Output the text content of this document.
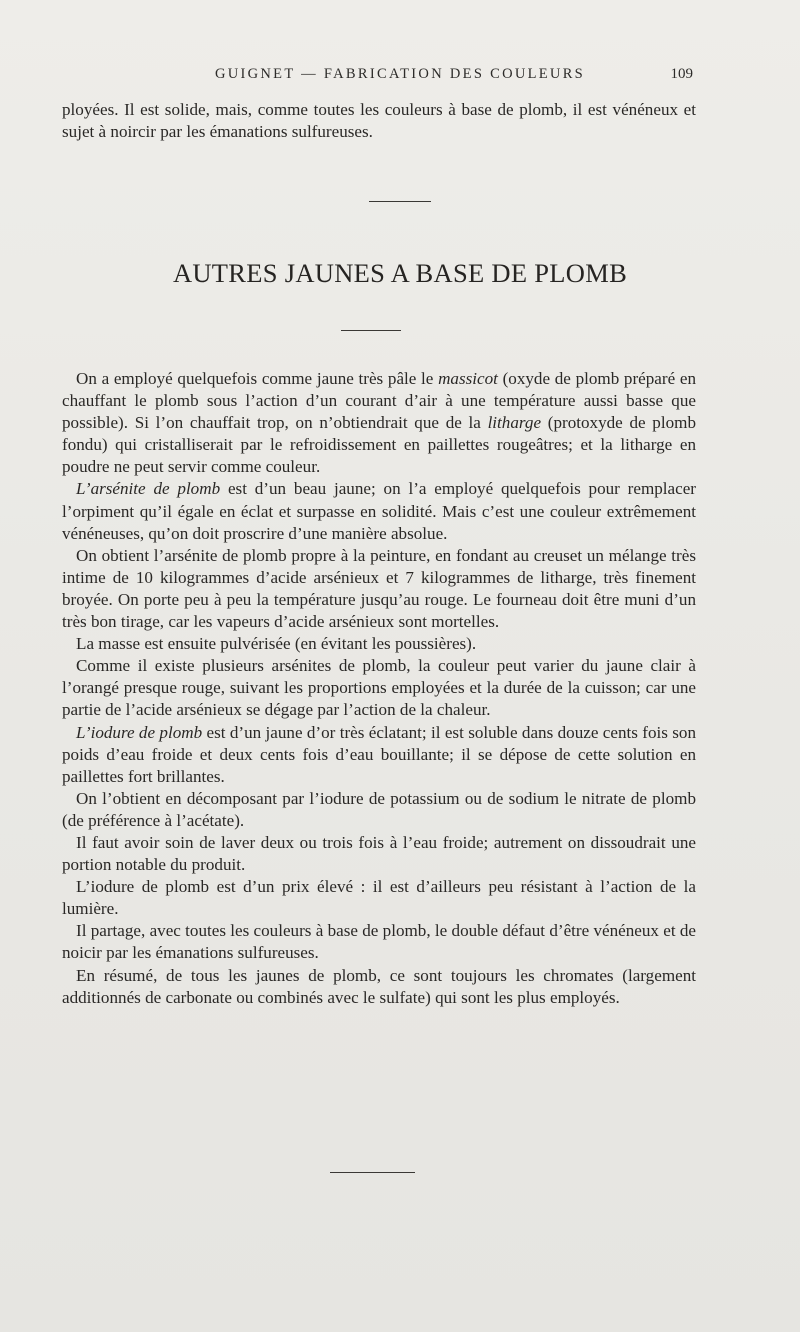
GUIGNET — FABRICATION DES COULEURS	109

ployées. Il est solide, mais, comme toutes les couleurs à base de plomb, il est vénéneux et sujet à noircir par les émanations sulfureuses.

AUTRES JAUNES A BASE DE PLOMB

On a employé quelquefois comme jaune très pâle le massicot (oxyde de plomb préparé en chauffant le plomb sous l’action d’un courant d’air à une température aussi basse que possible). Si l’on chauffait trop, on n’obtiendrait que de la litharge (protoxyde de plomb fondu) qui cristalliserait par le refroidissement en paillettes rougeâtres; et la litharge en poudre ne peut servir comme couleur.

L’arsénite de plomb est d’un beau jaune; on l’a employé quelquefois pour remplacer l’orpiment qu’il égale en éclat et surpasse en solidité. Mais c’est une couleur extrêmement vénéneuses, qu’on doit proscrire d’une manière absolue.

On obtient l’arsénite de plomb propre à la peinture, en fondant au creuset un mélange très intime de 10 kilogrammes d’acide arsénieux et 7 kilogrammes de litharge, très finement broyée. On porte peu à peu la température jusqu’au rouge. Le fourneau doit être muni d’un très bon tirage, car les vapeurs d’acide arsénieux sont mortelles.

La masse est ensuite pulvérisée (en évitant les poussières).

Comme il existe plusieurs arsénites de plomb, la couleur peut varier du jaune clair à l’orangé presque rouge, suivant les proportions employées et la durée de la cuisson; car une partie de l’acide arsénieux se dégage par l’action de la chaleur.

L’iodure de plomb est d’un jaune d’or très éclatant; il est soluble dans douze cents fois son poids d’eau froide et deux cents fois d’eau bouillante; il se dépose de cette solution en paillettes fort brillantes.

On l’obtient en décomposant par l’iodure de potassium ou de sodium le nitrate de plomb (de préférence à l’acétate).

Il faut avoir soin de laver deux ou trois fois à l’eau froide; autrement on dissoudrait une portion notable du produit.

L’iodure de plomb est d’un prix élevé : il est d’ailleurs peu résistant à l’action de la lumière.

Il partage, avec toutes les couleurs à base de plomb, le double défaut d’être vénéneux et de noicir par les émanations sulfureuses.

En résumé, de tous les jaunes de plomb, ce sont toujours les chromates (largement additionnés de carbonate ou combinés avec le sulfate) qui sont les plus employés.
